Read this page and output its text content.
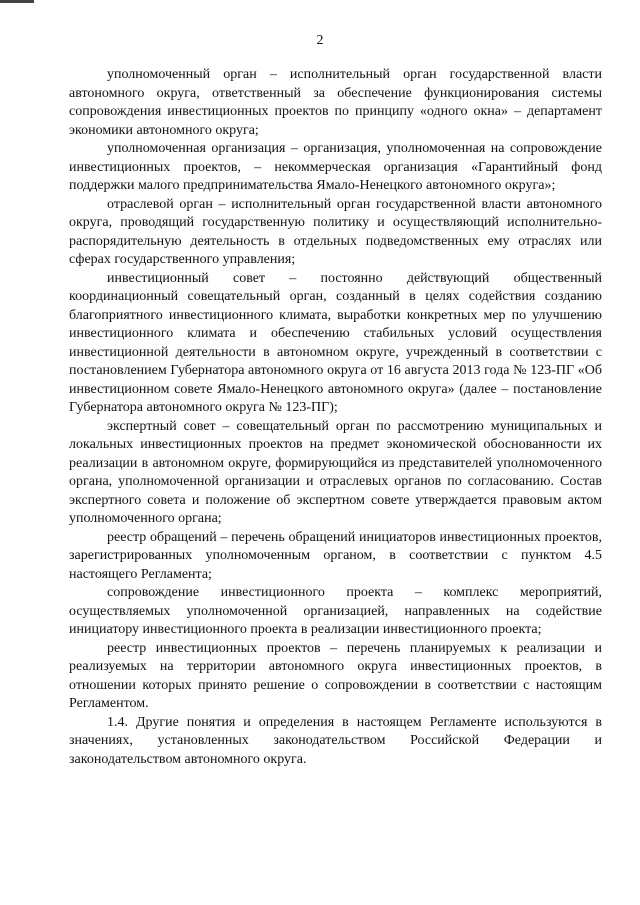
2

уполномоченный орган – исполнительный орган государственной власти автономного округа, ответственный за обеспечение функционирования системы сопровождения инвестиционных проектов по принципу «одного окна» – департамент экономики автономного округа;

уполномоченная организация – организация, уполномоченная на сопровождение инвестиционных проектов, – некоммерческая организация «Гарантийный фонд поддержки малого предпринимательства Ямало-Ненецкого автономного округа»;

отраслевой орган – исполнительный орган государственной власти автономного округа, проводящий государственную политику и осуществляющий исполнительно-распорядительную деятельность в отдельных подведомственных ему отраслях или сферах государственного управления;

инвестиционный совет – постоянно действующий общественный координационный совещательный орган, созданный в целях содействия созданию благоприятного инвестиционного климата, выработки конкретных мер по улучшению инвестиционного климата и обеспечению стабильных условий осуществления инвестиционной деятельности в автономном округе, учрежденный в соответствии с постановлением Губернатора автономного округа от 16 августа 2013 года № 123-ПГ «Об инвестиционном совете Ямало-Ненецкого автономного округа» (далее – постановление Губернатора автономного округа № 123-ПГ);

экспертный совет – совещательный орган по рассмотрению муниципальных и локальных инвестиционных проектов на предмет экономической обоснованности их реализации в автономном округе, формирующийся из представителей уполномоченного органа, уполномоченной организации и отраслевых органов по согласованию. Состав экспертного совета и положение об экспертном совете утверждается правовым актом уполномоченного органа;

реестр обращений – перечень обращений инициаторов инвестиционных проектов, зарегистрированных уполномоченным органом, в соответствии с пунктом 4.5 настоящего Регламента;

сопровождение инвестиционного проекта – комплекс мероприятий, осуществляемых уполномоченной организацией, направленных на содействие инициатору инвестиционного проекта в реализации инвестиционного проекта;

реестр инвестиционных проектов – перечень планируемых к реализации и реализуемых на территории автономного округа инвестиционных проектов, в отношении которых принято решение о сопровождении в соответствии с настоящим Регламентом.

1.4. Другие понятия и определения в настоящем Регламенте используются в значениях, установленных законодательством Российской Федерации и законодательством автономного округа.
